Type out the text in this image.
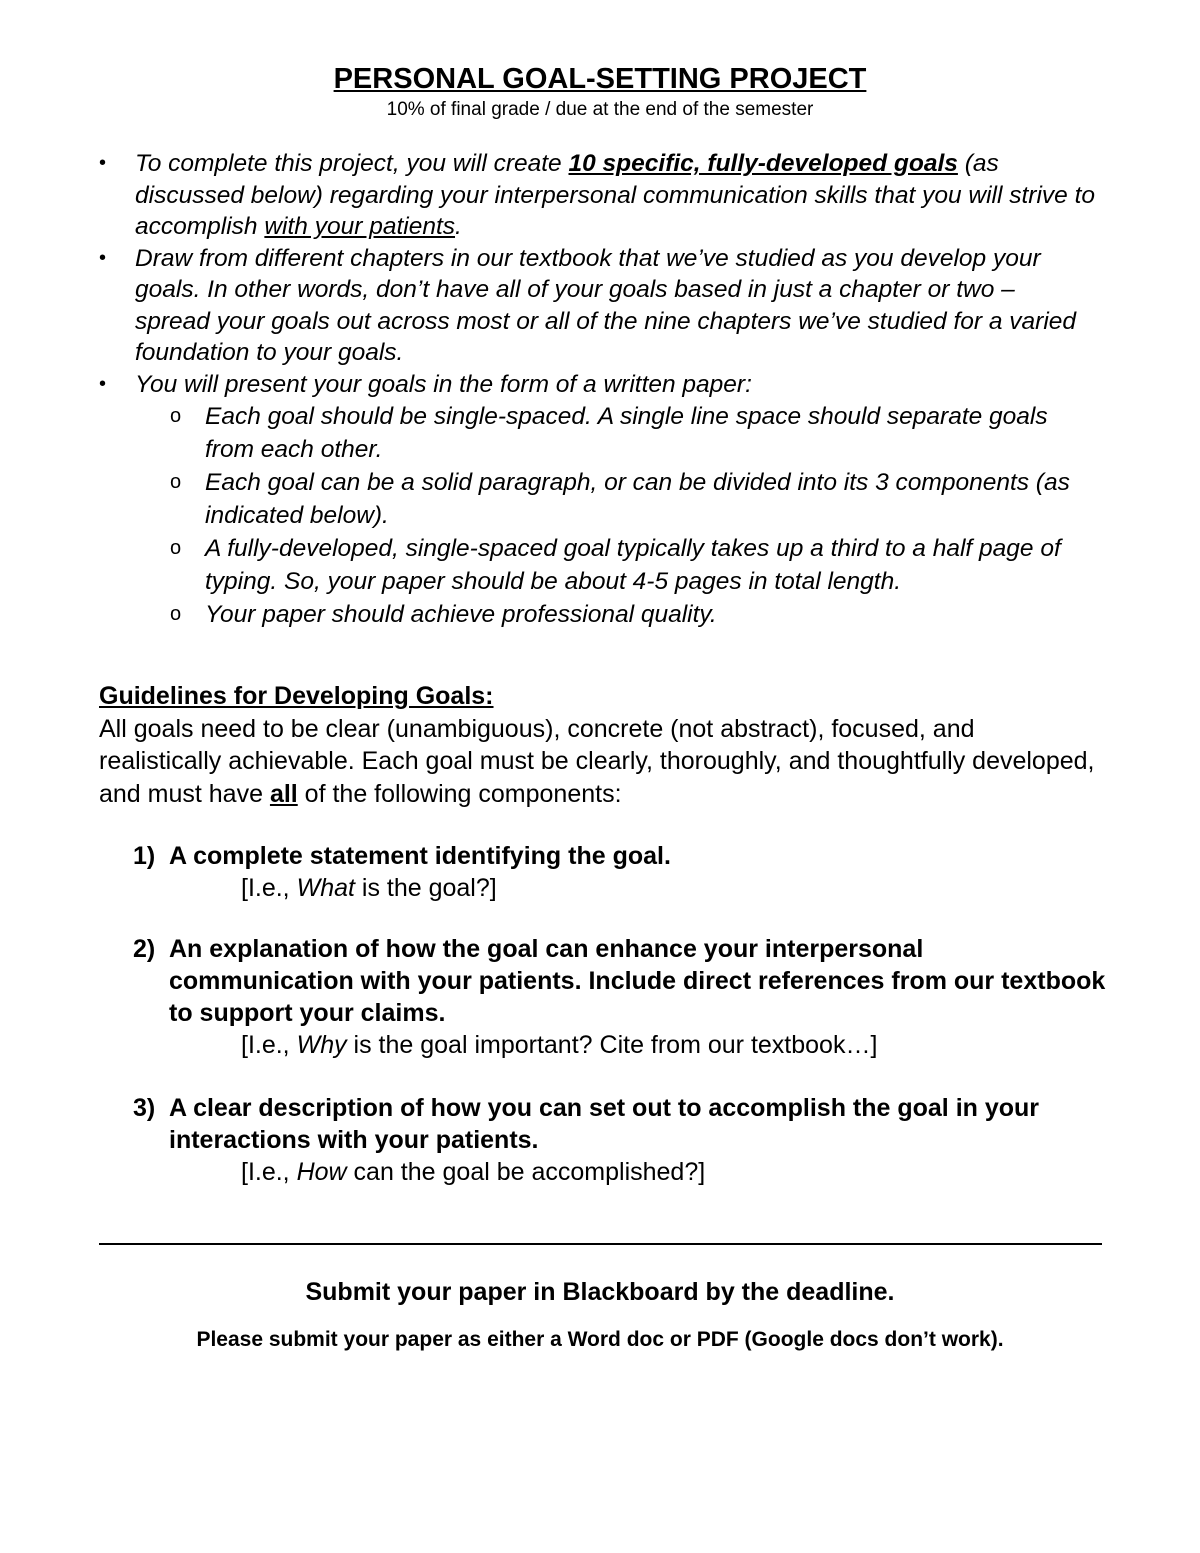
PERSONAL GOAL-SETTING PROJECT
10% of final grade / due at the end of the semester
• To complete this project, you will create 10 specific, fully-developed goals (as discussed below) regarding your interpersonal communication skills that you will strive to accomplish with your patients.
• Draw from different chapters in our textbook that we’ve studied as you develop your goals. In other words, don’t have all of your goals based in just a chapter or two – spread your goals out across most or all of the nine chapters we’ve studied for a varied foundation to your goals.
• You will present your goals in the form of a written paper:
o Each goal should be single-spaced. A single line space should separate goals from each other.
o Each goal can be a solid paragraph, or can be divided into its 3 components (as indicated below).
o A fully-developed, single-spaced goal typically takes up a third to a half page of typing. So, your paper should be about 4-5 pages in total length.
o Your paper should achieve professional quality.
Guidelines for Developing Goals:
All goals need to be clear (unambiguous), concrete (not abstract), focused, and realistically achievable. Each goal must be clearly, thoroughly, and thoughtfully developed, and must have all of the following components:
1) A complete statement identifying the goal.
[I.e., What is the goal?]
2) An explanation of how the goal can enhance your interpersonal communication with your patients. Include direct references from our textbook to support your claims.
[I.e., Why is the goal important? Cite from our textbook…]
3) A clear description of how you can set out to accomplish the goal in your interactions with your patients.
[I.e., How can the goal be accomplished?]
Submit your paper in Blackboard by the deadline.
Please submit your paper as either a Word doc or PDF (Google docs don’t work).
